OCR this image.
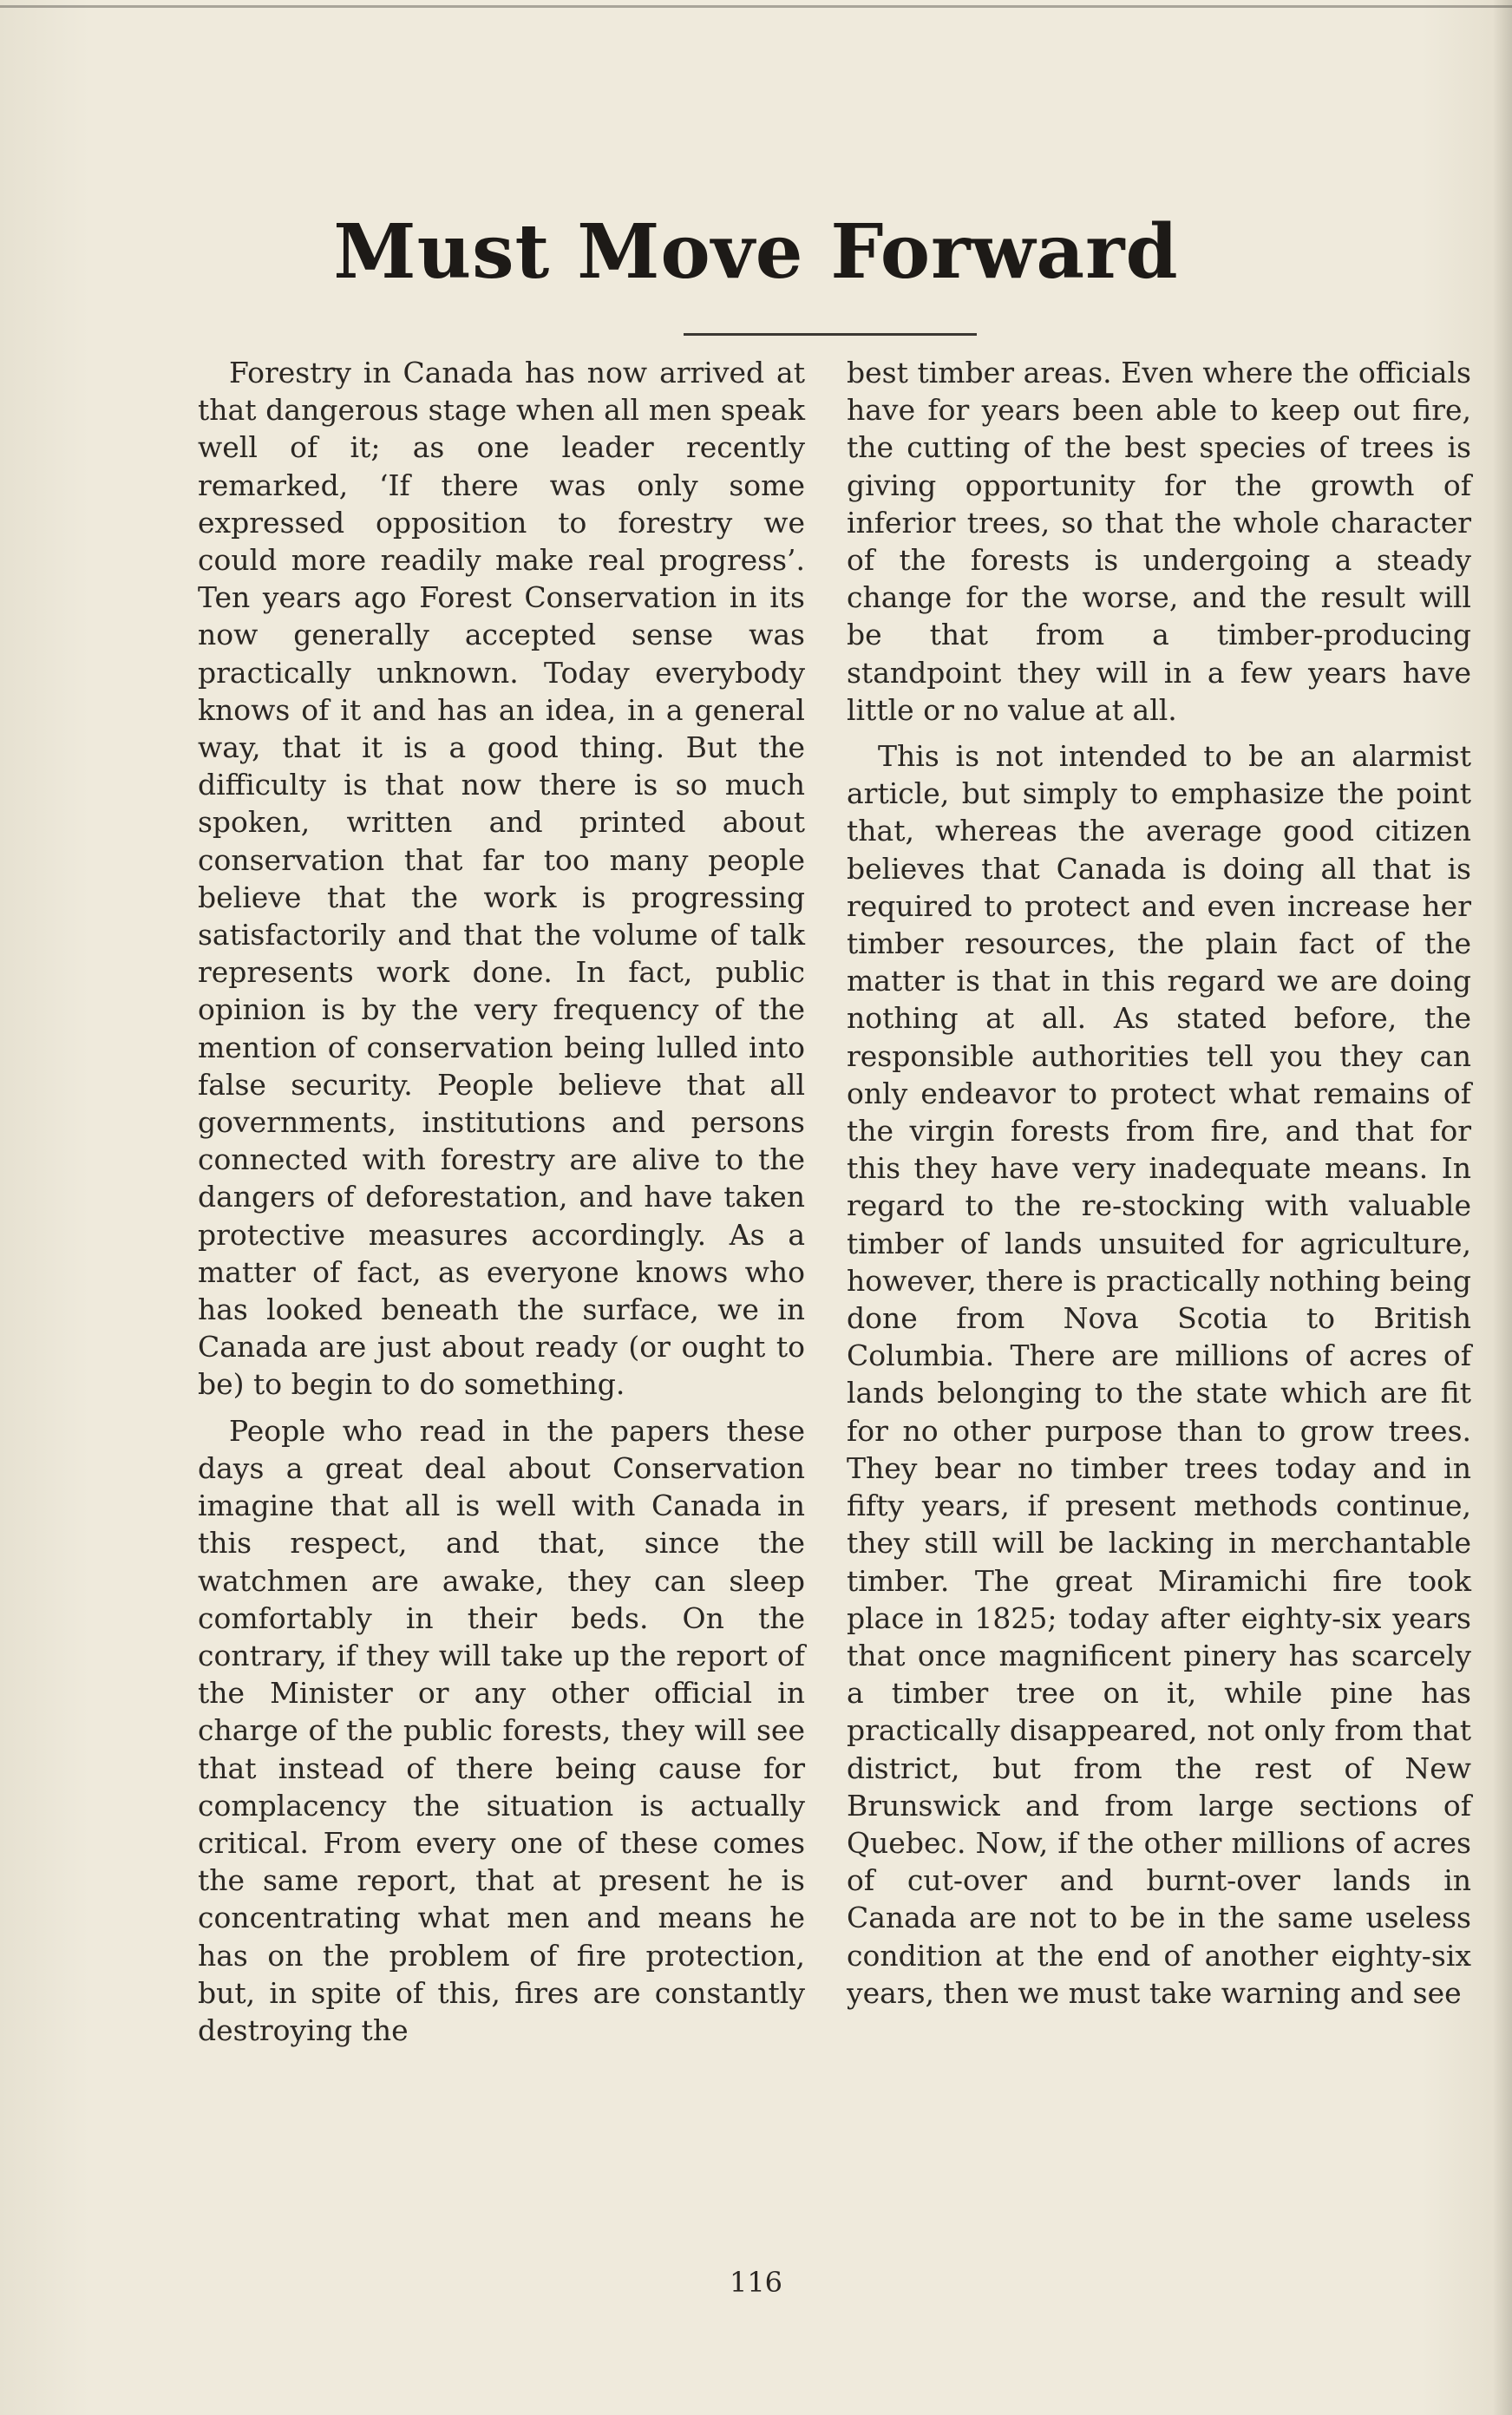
Must Move Forward

Forestry in Canada has now arrived at that dangerous stage when all men speak well of it; as one leader recently remarked, ‘If there was only some expressed opposition to forestry we could more readily make real progress’. Ten years ago Forest Conservation in its now generally accepted sense was practically unknown. Today everybody knows of it and has an idea, in a general way, that it is a good thing. But the difficulty is that now there is so much spoken, written and printed about conservation that far too many people believe that the work is progressing satisfactorily and that the volume of talk represents work done. In fact, public opinion is by the very frequency of the mention of conservation being lulled into false security. People believe that all governments, institutions and persons connected with forestry are alive to the dangers of deforestation, and have taken protective measures accordingly. As a matter of fact, as everyone knows who has looked beneath the surface, we in Canada are just about ready (or ought to be) to begin to do something.

People who read in the papers these days a great deal about Conservation imagine that all is well with Canada in this respect, and that, since the watchmen are awake, they can sleep comfortably in their beds. On the contrary, if they will take up the report of the Minister or any other official in charge of the public forests, they will see that instead of there being cause for complacency the situation is actually critical. From every one of these comes the same report, that at present he is concentrating what men and means he has on the problem of fire protection, but, in spite of this, fires are constantly destroying the

best timber areas. Even where the officials have for years been able to keep out fire, the cutting of the best species of trees is giving opportunity for the growth of inferior trees, so that the whole character of the forests is undergoing a steady change for the worse, and the result will be that from a timber-producing standpoint they will in a few years have little or no value at all.

This is not intended to be an alarmist article, but simply to emphasize the point that, whereas the average good citizen believes that Canada is doing all that is required to protect and even increase her timber resources, the plain fact of the matter is that in this regard we are doing nothing at all. As stated before, the responsible authorities tell you they can only endeavor to protect what remains of the virgin forests from fire, and that for this they have very inadequate means. In regard to the re-stocking with valuable timber of lands unsuited for agriculture, however, there is practically nothing being done from Nova Scotia to British Columbia. There are millions of acres of lands belonging to the state which are fit for no other purpose than to grow trees. They bear no timber trees today and in fifty years, if present methods continue, they still will be lacking in merchantable timber. The great Miramichi fire took place in 1825; today after eighty-six years that once magnificent pinery has scarcely a timber tree on it, while pine has practically disappeared, not only from that district, but from the rest of New Brunswick and from large sections of Quebec. Now, if the other millions of acres of cut-over and burnt-over lands in Canada are not to be in the same useless condition at the end of another eighty-six years, then we must take warning and see

116
